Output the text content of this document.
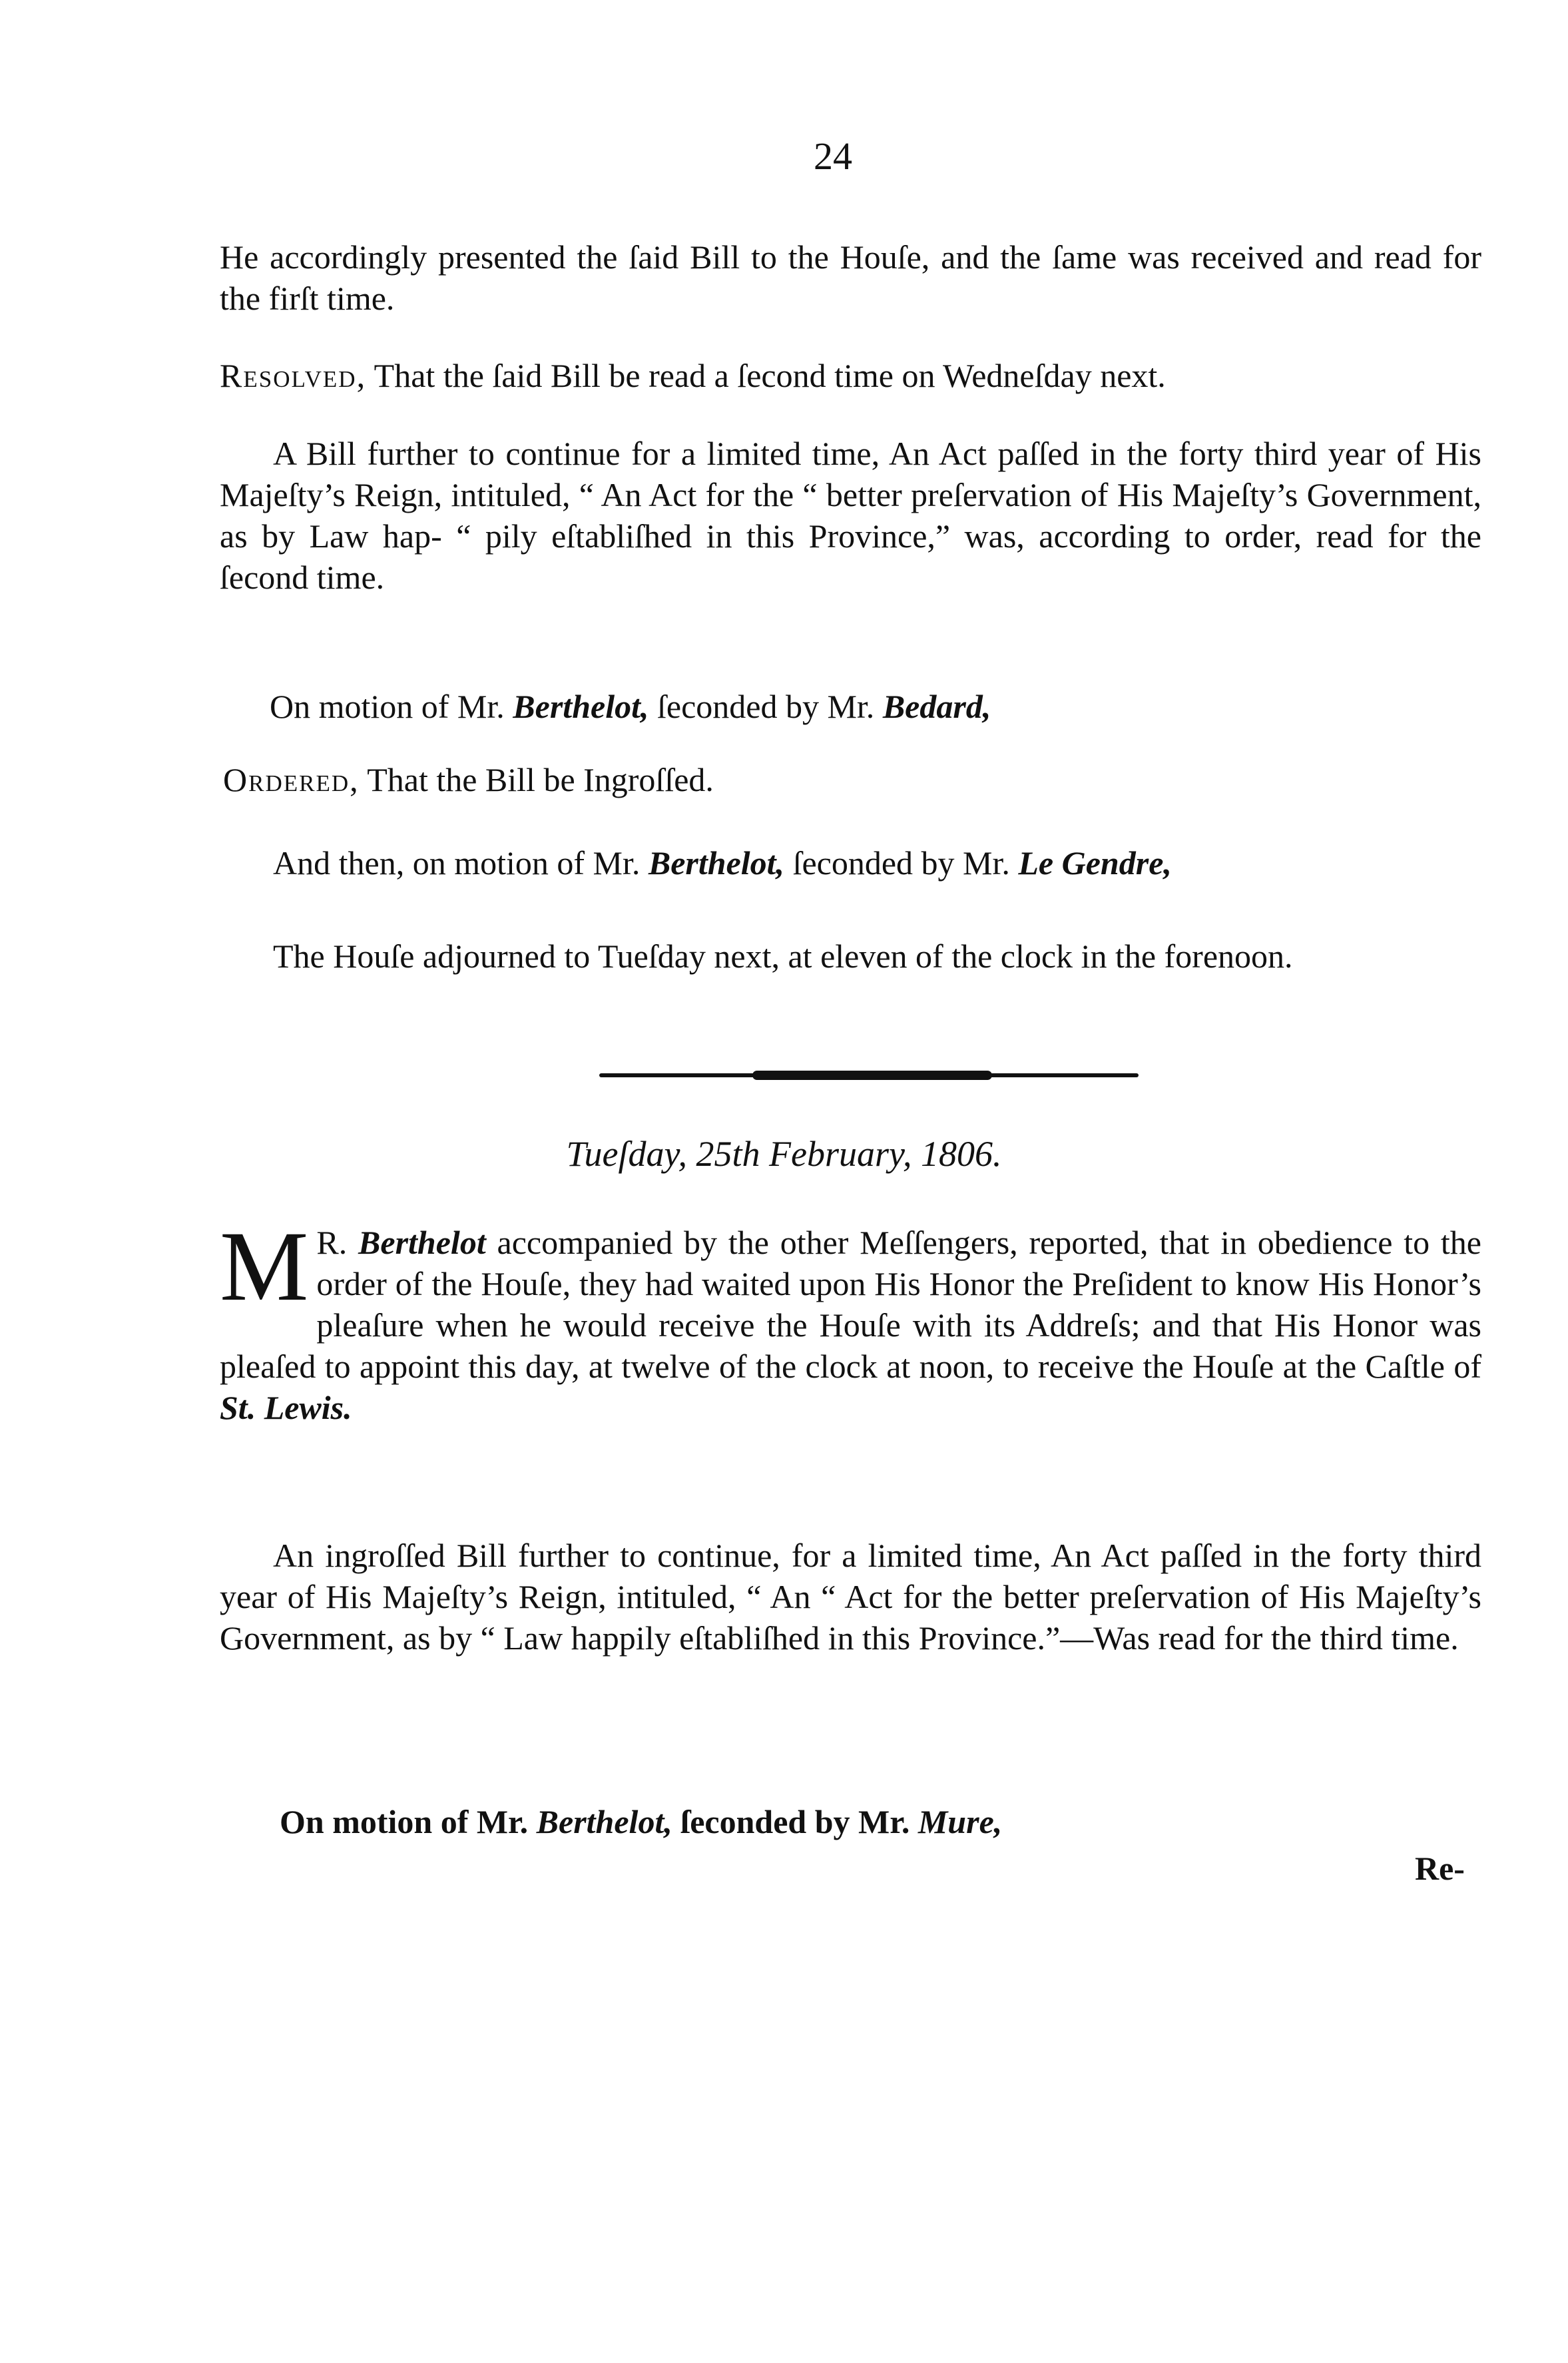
24

He accordingly presented the ſaid Bill to the Houſe, and the ſame was received and read for the firſt time.

Resolved, That the ſaid Bill be read a ſecond time on Wedneſday next.

A Bill further to continue for a limited time, An Act paſſed in the forty third year of His Majeſty’s Reign, intituled, “ An Act for the “ better preſervation of His Majeſty’s Government, as by Law hap- “ pily eſtabliſhed in this Province,” was, according to order, read for the ſecond time.

On motion of Mr. Berthelot, ſeconded by Mr. Bedard,

Ordered, That the Bill be Ingroſſed.

And then, on motion of Mr. Berthelot, ſeconded by Mr. Le Gendre,

The Houſe adjourned to Tueſday next, at eleven of the clock in the forenoon.

Tueſday, 25th February, 1806.

M R. Berthelot accompanied by the other Meſſengers, reported, that in obedience to the order of the Houſe, they had waited upon His Honor the Preſident to know His Honor’s pleaſure when he would receive the Houſe with its Addreſs; and that His Honor was pleaſed to appoint this day, at twelve of the clock at noon, to receive the Houſe at the Caſtle of St. Lewis.

An ingroſſed Bill further to continue, for a limited time, An Act paſſed in the forty third year of His Majeſty’s Reign, intituled, “ An “ Act for the better preſervation of His Majeſty’s Government, as by “ Law happily eſtabliſhed in this Province.”—Was read for the third time.

On motion of Mr. Berthelot, ſeconded by Mr. Mure,

Re-
